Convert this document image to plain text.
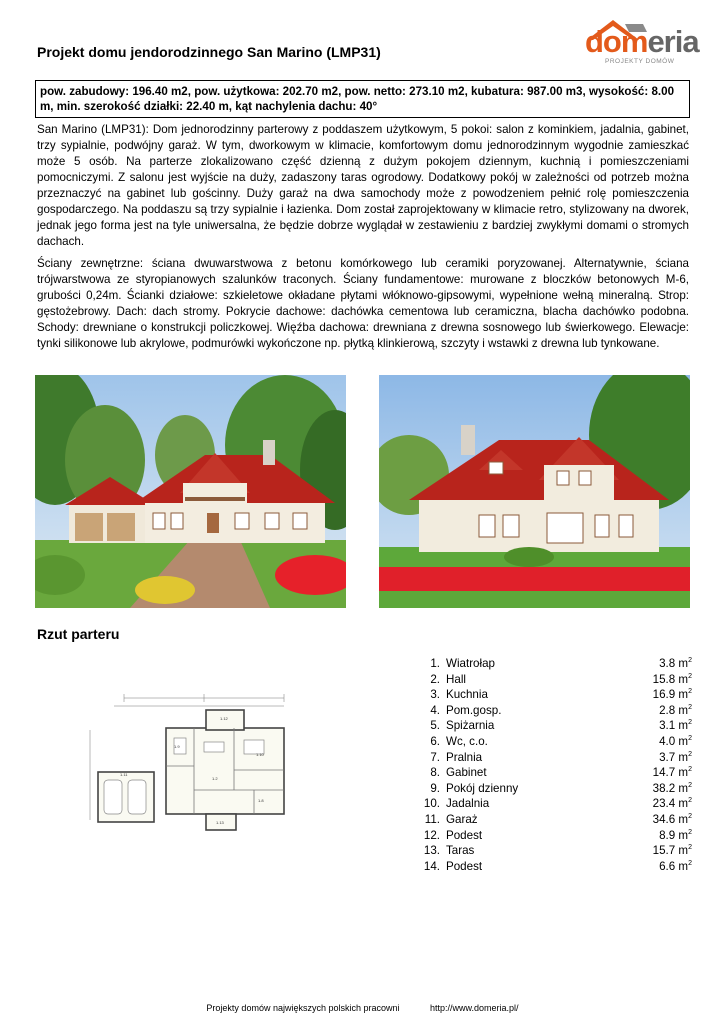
Projekt domu jendorodzinnego San Marino (LMP31)	domeria
PROJEKTY DOMÓW
pow. zabudowy: 196.40 m2, pow. użytkowa: 202.70 m2, pow. netto: 273.10 m2, kubatura: 987.00 m3, wysokość: 8.00 m, min. szerokość działki: 22.40 m, kąt nachylenia dachu: 40°
San Marino (LMP31): Dom jednorodzinny parterowy z poddaszem użytkowym, 5 pokoi: salon z kominkiem, jadalnia, gabinet, trzy sypialnie, podwójny garaż. W tym, dworkowym w klimacie, komfortowym domu jednorodzinnym wygodnie zamieszkać może 5 osób. Na parterze zlokalizowano część dzienną z dużym pokojem dziennym, kuchnią i pomieszczeniami pomocniczymi. Z salonu jest wyjście na duży, zadaszony taras ogrodowy. Dodatkowy pokój w zależności od potrzeb można przeznaczyć na gabinet lub gościnny. Duży garaż na dwa samochody może z powodzeniem pełnić rolę pomieszczenia gospodarczego. Na poddaszu są trzy sypialnie i łazienka. Dom został zaprojektowany w klimacie retro, stylizowany na dworek, jednak jego forma jest na tyle uniwersalna, że będzie dobrze wyglądał w zestawieniu z bardziej zwykłymi domami o stromych dachach.
Ściany zewnętrzne: ściana dwuwarstwowa z betonu komórkowego lub ceramiki poryzowanej. Alternatywnie, ściana trójwarstwowa ze styropianowych szalunków traconych. Ściany fundamentowe: murowane z bloczków betonowych M-6, grubości 0,24m. Ścianki działowe: szkieletowe okładane płytami włóknowo-gipsowymi, wypełnione wełną mineralną. Strop: gęstożebrowy. Dach: dach stromy. Pokrycie dachowe: dachówka cementowa lub ceramiczna, blacha dachówko podobna. Schody: drewniane o konstrukcji policzkowej. Więźba dachowa: drewniana z drewna sosnowego lub świerkowego. Elewacje: tynki silikonowe lub akrylowe, podmurówki wykończone np. płytką klinkierową, szczyty i wstawki z drewna lub tynkowane.
Rzut parteru
1.11
1.12
1.9
1.2
1.10
1.8
1.13
1. Wiatrołap	3.8 $m^2$
2. Hall	15.8 $m^2$
3. Kuchnia	16.9 $m^2$
4. Pom.gosp.	2.8 $m^2$
5. Spiżarnia	3.1 $m^2$
6. Wc, c.o.	4.0 $m^2$
7. Pralnia	3.7 $m^2$
8. Gabinet	14.7 $m^2$
9. Pokój dzienny	38.2 $m^2$
10. Jadalnia	23.4 $m^2$
11. Garaż	34.6 $m^2$
12. Podest	8.9 $m^2$
13. Taras	15.7 $m^2$
14. Podest	6.6 $m^2$
Projekty domów największych polskich pracowni	http://www.domeria.pl/
